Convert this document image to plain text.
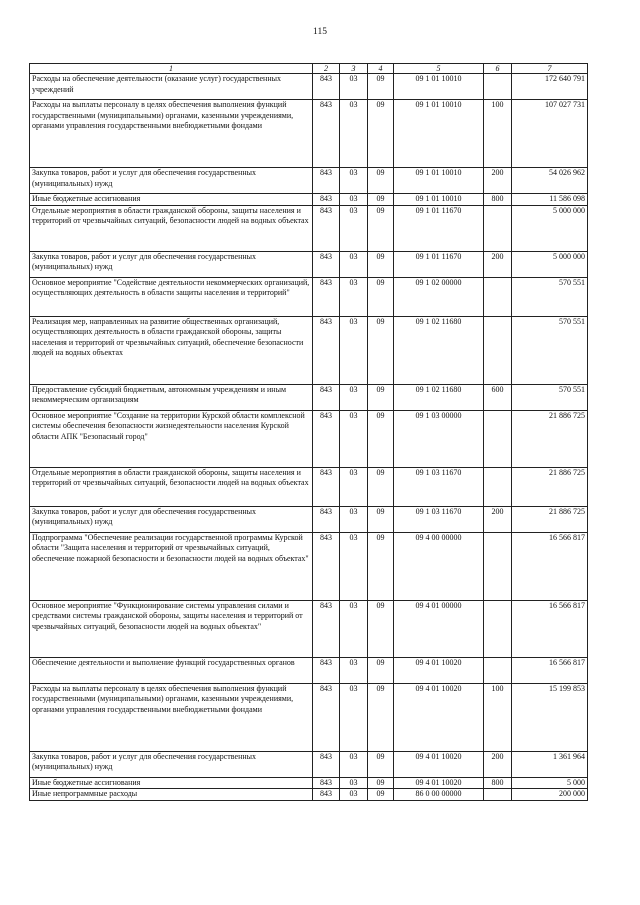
115
1	2	3	4	5	6	7
Расходы на обеспечение деятельности (оказание услуг) государственных учреждений	843	03	09	09 1 01 10010		172 640 791
Расходы на выплаты персоналу в целях обеспечения выполнения функций государственными (муниципальными) органами, казенными учреждениями, органами управления государственными внебюджетными фондами	843	03	09	09 1 01 10010	100	107 027 731
Закупка товаров, работ и услуг для обеспечения государственных (муниципальных) нужд	843	03	09	09 1 01 10010	200	54 026 962
Иные бюджетные ассигнования	843	03	09	09 1 01 10010	800	11 586 098
Отдельные мероприятия в области гражданской обороны, защиты населения и территорий от чрезвычайных ситуаций, безопасности людей на водных объектах	843	03	09	09 1 01 11670		5 000 000
Закупка товаров, работ и услуг для обеспечения государственных (муниципальных) нужд	843	03	09	09 1 01 11670	200	5 000 000
Основное мероприятие "Содействие деятельности некоммерческих организаций, осуществляющих деятельность в области защиты населения и территорий"	843	03	09	09 1 02 00000		570 551
Реализация мер, направленных на развитие общественных организаций, осуществляющих деятельность в области гражданской обороны, защиты населения и территорий от чрезвычайных ситуаций, обеспечение безопасности людей на водных объектах	843	03	09	09 1 02 11680		570 551
Предоставление субсидий бюджетным, автономным учреждениям и иным некоммерческим организациям	843	03	09	09 1 02 11680	600	570 551
Основное мероприятие "Создание на территории Курской области комплексной системы обеспечения безопасности жизнедеятельности населения Курской области АПК "Безопасный город"	843	03	09	09 1 03 00000		21 886 725
Отдельные мероприятия в области гражданской обороны, защиты населения и территорий от чрезвычайных ситуаций, безопасности людей на водных объектах	843	03	09	09 1 03 11670		21 886 725
Закупка товаров, работ и услуг для обеспечения государственных (муниципальных) нужд	843	03	09	09 1 03 11670	200	21 886 725
Подпрограмма "Обеспечение реализации государственной программы Курской области "Защита населения и территорий от чрезвычайных ситуаций, обеспечение пожарной безопасности и безопасности людей на водных объектах"	843	03	09	09 4 00 00000		16 566 817
Основное мероприятие "Функционирование системы управления силами и средствами системы гражданской обороны, защиты населения и территорий от чрезвычайных ситуаций, безопасности людей на водных объектах"	843	03	09	09 4 01 00000		16 566 817
Обеспечение деятельности и выполнение функций государственных органов	843	03	09	09 4 01 10020		16 566 817
Расходы на выплаты персоналу в целях обеспечения выполнения функций государственными (муниципальными) органами, казенными учреждениями, органами управления государственными внебюджетными фондами	843	03	09	09 4 01 10020	100	15 199 853
Закупка товаров, работ и услуг для обеспечения государственных (муниципальных) нужд	843	03	09	09 4 01 10020	200	1 361 964
Иные бюджетные ассигнования	843	03	09	09 4 01 10020	800	5 000
Иные непрограммные расходы	843	03	09	86 0 00 00000		200 000
